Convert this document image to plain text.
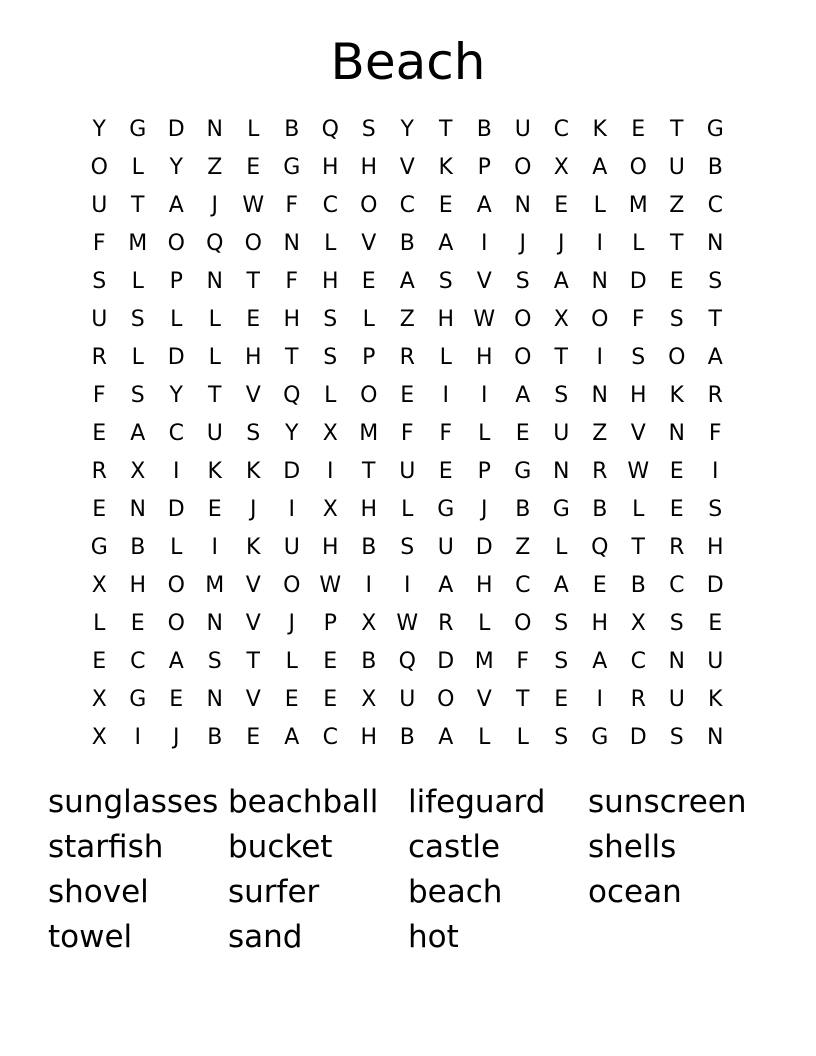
Beach
Y	G D N	L	B	Q	S	Y	T	B	U	C	K	E	T	G
O	L	Y	Z	E	G H H	V	K	P	O	X	A	O U	B
U	T	A	J	W F	C	O	C	E	A	N	E	L	M Z	C
F	M O Q O N	L	V	B	A	I	J	J	I	L	T	N
S	L	P	N	T	F	H	E	A	S	V	S	A	N D	E	S
U	S	L	L	E	H	S	L	Z	H W O	X	O	F	S	T
R	L	D	L	H	T	S	P	R	L	H O	T	I	S	O	A
F	S	Y	T	V	Q	L	O	E	I	I	A	S	N H	K	R
E	A	C	U	S	Y	X M	F	F	L	E	U	Z	V	N	F
R	X	I	K	K	D	I	T	U	E	P	G N	R W E	I
E	N D	E	J	I	X	H	L	G	J	B	G	B	L	E	S
G	B	L	I	K	U	H	B	S	U D	Z	L	Q	T	R	H
X	H O M V	O W	I	I	A	H	C	A	E	B	C	D
L	E	O N	V	J	P	X W R	L	O	S	H	X	S	E
E	C	A	S	T	L	E	B	Q D M	F	S	A	C	N	U
X	G	E	N	V	E	E	X	U O	V	T	E	I	R	U	K
X	I	J	B	E	A	C	H	B	A	L	L	S	G D	S	N
sunglasses beachball lifeguard	sunscreen
starfish	bucket	castle	shells
shovel	surfer	beach	ocean
towel	sand	hot
